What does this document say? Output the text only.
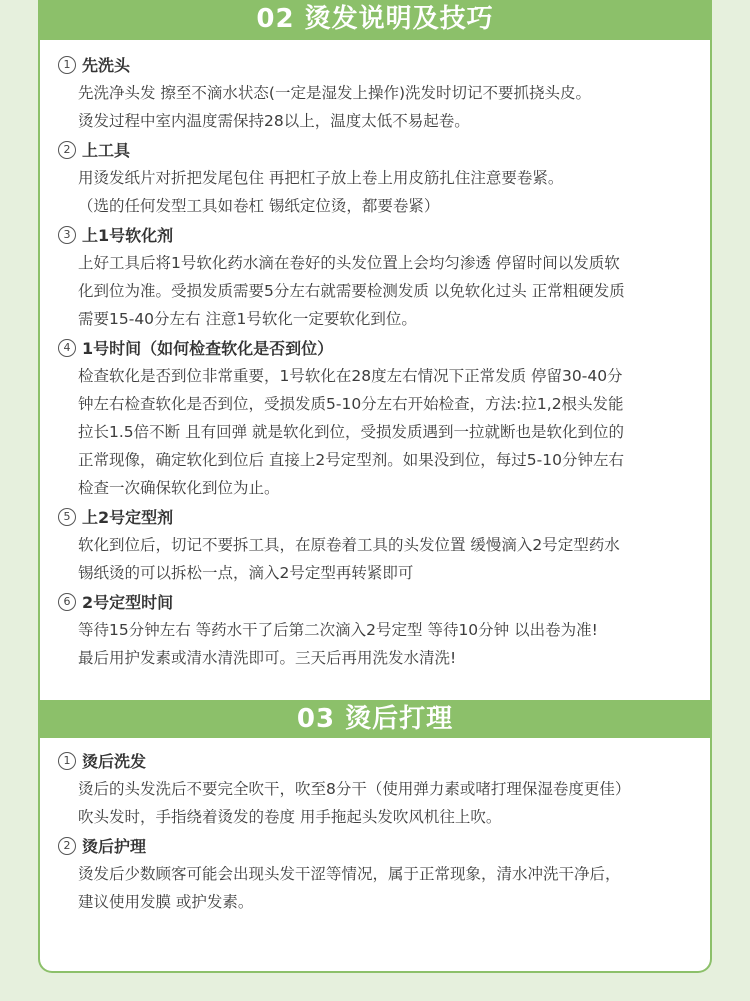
02 烫发说明及技巧
1 先洗头

先洗净头发 擦至不滴水状态(一定是湿发上操作)洗发时切记不要抓挠头皮。

烫发过程中室内温度需保持28以上，温度太低不易起卷。

2 上工具

用烫发纸片对折把发尾包住 再把杠子放上卷上用皮筋扎住注意要卷紧。

（选的任何发型工具如卷杠 锡纸定位烫，都要卷紧）

3 上1号软化剂

上好工具后将1号软化药水滴在卷好的头发位置上会均匀渗透 停留时间以发质软

化到位为准。受损发质需要5分左右就需要检测发质 以免软化过头 正常粗硬发质

需要15-40分左右 注意1号软化一定要软化到位。

4 1号时间（如何检查软化是否到位）

检查软化是否到位非常重要，1号软化在28度左右情况下正常发质 停留30-40分

钟左右检查软化是否到位，受损发质5-10分左右开始检查，方法:拉1,2根头发能

拉长1.5倍不断 且有回弹 就是软化到位，受损发质遇到一拉就断也是软化到位的

正常现像，确定软化到位后 直接上2号定型剂。如果没到位，每过5-10分钟左右

检查一次确保软化到位为止。

5 上2号定型剂

软化到位后，切记不要拆工具，在原卷着工具的头发位置 缓慢滴入2号定型药水

锡纸烫的可以拆松一点，滴入2号定型再转紧即可

6 2号定型时间

等待15分钟左右 等药水干了后第二次滴入2号定型 等待10分钟 以出卷为准!

最后用护发素或清水清洗即可。三天后再用洗发水清洗!

03 烫后打理
1 烫后洗发

烫后的头发洗后不要完全吹干，吹至8分干（使用弹力素或啫打理保湿卷度更佳）

吹头发时，手指绕着烫发的卷度 用手拖起头发吹风机往上吹。

2 烫后护理

烫发后少数顾客可能会出现头发干涩等情况，属于正常现象，清水冲洗干净后，

建议使用发膜 或护发素。
